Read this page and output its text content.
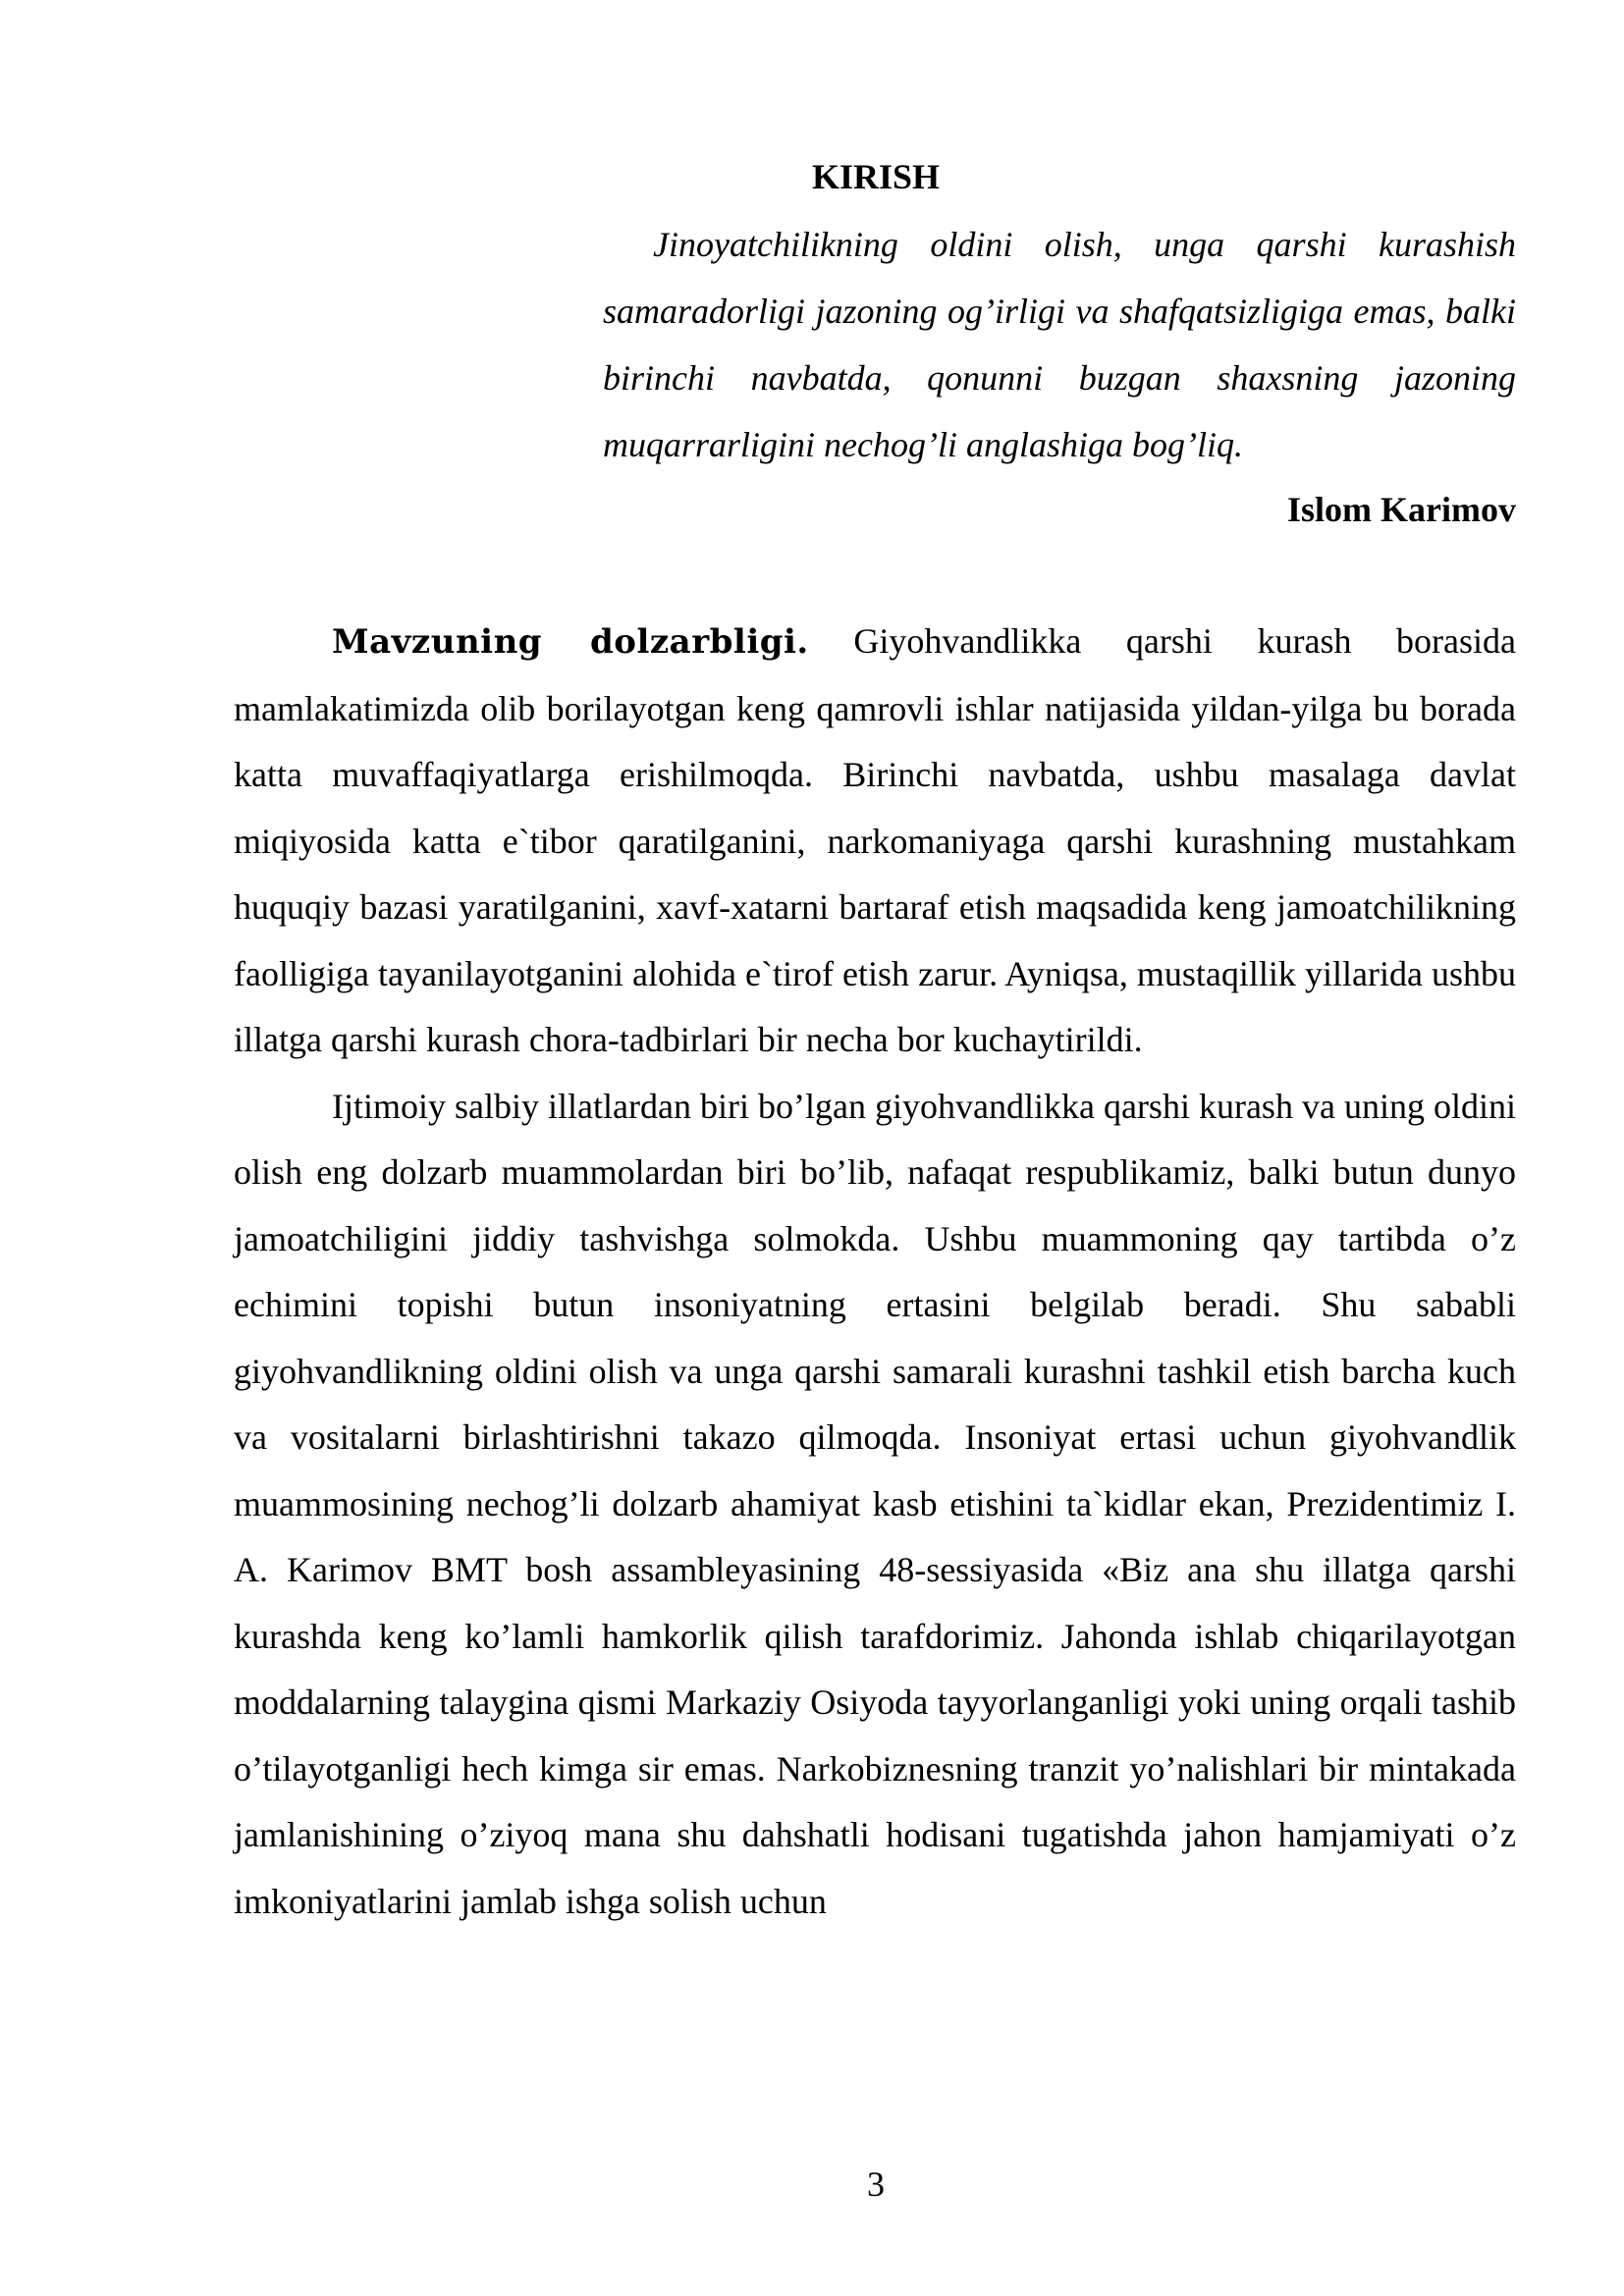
KIRISH

Jinoyatchilikning oldini olish, unga qarshi kurashish samaradorligi jazoning og’irligi va shafqatsizligiga emas, balki birinchi navbatda, qonunni buzgan shaxsning jazoning muqarrarligini nechog’li anglashiga bog’liq.

Islom Karimov

Mavzuning dolzarbligi. Giyohvandlikka qarshi kurash borasida mamlakatimizda olib borilayotgan keng qamrovli ishlar natijasida yildan-yilga bu borada katta muvaffaqiyatlarga erishilmoqda. Birinchi navbatda, ushbu masalaga davlat miqiyosida katta e`tibor qaratilganini, narkomaniyaga qarshi kurashning mustahkam huquqiy bazasi yaratilganini, xavf-xatarni bartaraf etish maqsadida keng jamoatchilikning faolligiga tayanilayotganini alohida e`tirof etish zarur. Ayniqsa, mustaqillik yillarida ushbu illatga qarshi kurash chora-tadbirlari bir necha bor kuchaytirildi.

Ijtimoiy salbiy illatlardan biri bo’lgan giyohvandlikka qarshi kurash va uning oldini olish eng dolzarb muammolardan biri bo’lib, nafaqat respublikamiz, balki butun dunyo jamoatchiligini jiddiy tashvishga solmokda. Ushbu muammoning qay tartibda o’z echimini topishi butun insoniyatning ertasini belgilab beradi. Shu sababli giyohvandlikning oldini olish va unga qarshi samarali kurashni tashkil etish barcha kuch va vositalarni birlashtirishni takazo qilmoqda. Insoniyat ertasi uchun giyohvandlik muammosining nechog’li dolzarb ahamiyat kasb etishini ta`kidlar ekan, Prezidentimiz I. A. Karimov BMT bosh assambleyasining 48-sessiyasida «Biz ana shu illatga qarshi kurashda keng ko’lamli hamkorlik qilish tarafdorimiz. Jahonda ishlab chiqarilayotgan moddalarning talaygina qismi Markaziy Osiyoda tayyorlanganligi yoki uning orqali tashib o’tilayotganligi hech kimga sir emas. Narkobiznesning tranzit yo’nalishlari bir mintakada jamlanishining o’ziyoq mana shu dahshatli hodisani tugatishda jahon hamjamiyati o’z imkoniyatlarini jamlab ishga solish uchun

3
